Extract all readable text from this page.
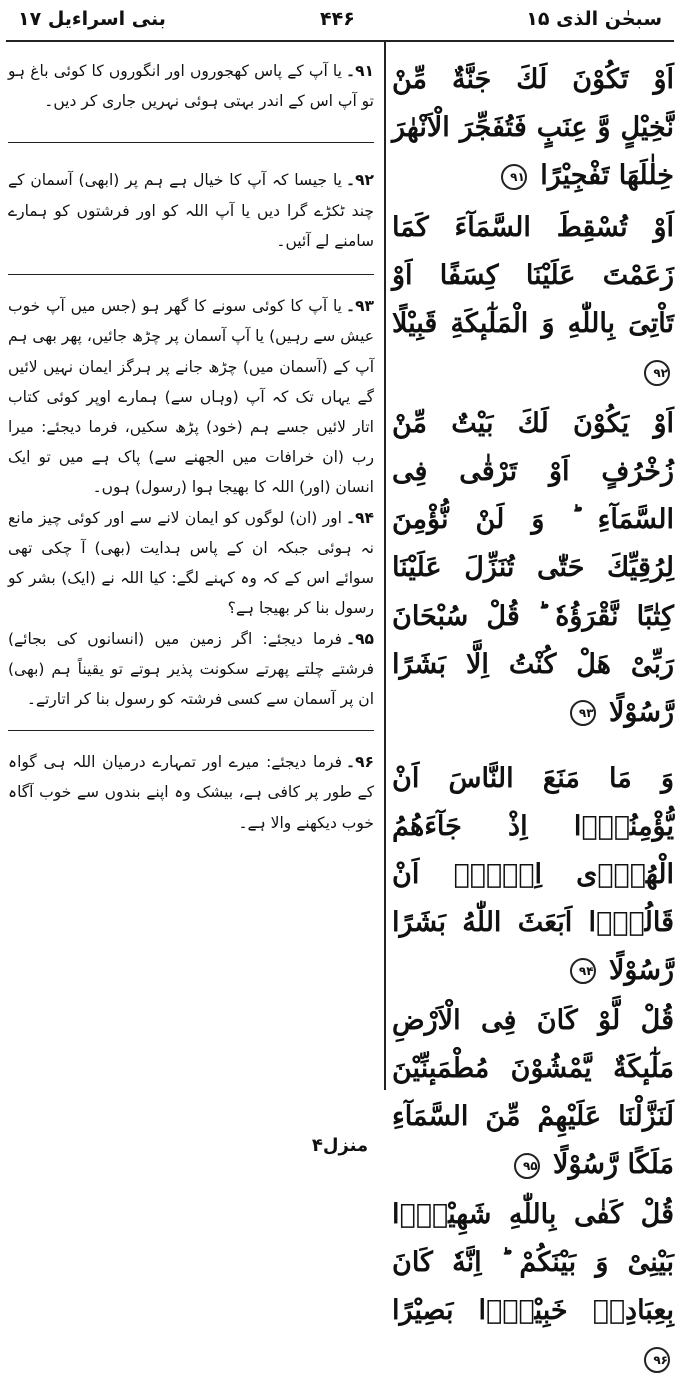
سبحٰن الذی ۱۵
۴۴۶
بنی اسراءیل ۱۷
اَوْ تَكُوْنَ لَكَ جَنَّةٌ مِّنْ نَّخِیْلٍ وَّ عِنَبٍ فَتُفَجِّرَ الْاَنْهٰرَ خِلٰلَهَا تَفْجِیْرًا ۹۱
اَوْ تُسْقِطَ السَّمَآءَ كَمَا زَعَمْتَ عَلَیْنَا كِسَفًا اَوْ تَاْتِیَ بِاللّٰهِ وَ الْمَلٰٓىٕكَةِ قَبِیْلًا ۹۲
اَوْ یَكُوْنَ لَكَ بَیْتٌ مِّنْ زُخْرُفٍ اَوْ تَرْقٰى فِی السَّمَآءِ ؕ وَ لَنْ نُّؤْمِنَ لِرُقِیِّكَ حَتّٰى تُنَزِّلَ عَلَیْنَا كِتٰبًا نَّقْرَؤُهٗ ؕ قُلْ سُبْحَانَ رَبِّیْ هَلْ كُنْتُ اِلَّا بَشَرًا رَّسُوْلًا ۹۳
وَ مَا مَنَعَ النَّاسَ اَنْ یُّؤْمِنُوْۤا اِذْ جَآءَهُمُ الْهُدٰۤى اِلَّاۤ اَنْ قَالُوْۤا اَبَعَثَ اللّٰهُ بَشَرًا رَّسُوْلًا ۹۴
قُلْ لَّوْ كَانَ فِی الْاَرْضِ مَلٰٓىٕكَةٌ یَّمْشُوْنَ مُطْمَىٕنِّیْنَ لَنَزَّلْنَا عَلَیْهِمْ مِّنَ السَّمَآءِ مَلَكًا رَّسُوْلًا ۹۵
قُلْ كَفٰى بِاللّٰهِ شَهِیْدًۢا بَیْنِیْ وَ بَیْنَكُمْ ؕ اِنَّهٗ كَانَ بِعِبَادِهٖ خَبِیْرًۢا بَصِیْرًا ۹۶

۹۱۔یا آپ کے پاس کھجوروں اور انگوروں کا کوئی باغ ہو تو آپ اس کے اندر بہتی ہوئی نہریں جاری کر دیں۔

۹۲۔یا جیسا کہ آپ کا خیال ہے ہم پر (ابھی) آسمان کے چند ٹکڑے گرا دیں یا آپ اللہ کو اور فرشتوں کو ہمارے سامنے لے آئیں۔

۹۳۔یا آپ کا کوئی سونے کا گھر ہو (جس میں آپ خوب عیش سے رہیں) یا آپ آسمان پر چڑھ جائیں، پھر بھی ہم آپ کے (آسمان میں) چڑھ جانے پر ہرگز ایمان نہیں لائیں گے یہاں تک کہ آپ (وہاں سے) ہمارے اوپر کوئی کتاب اتار لائیں جسے ہم (خود) پڑھ سکیں، فرما دیجئے: میرا رب (ان خرافات میں الجھنے سے) پاک ہے میں تو ایک انسان (اور) اللہ کا بھیجا ہوا (رسول) ہوں۔

۹۴۔اور (ان) لوگوں کو ایمان لانے سے اور کوئی چیز مانع نہ ہوئی جبکہ ان کے پاس ہدایت (بھی) آ چکی تھی سوائے اس کے کہ وہ کہنے لگے: کیا اللہ نے (ایک) بشر کو رسول بنا کر بھیجا ہے؟

۹۵۔فرما دیجئے: اگر زمین میں (انسانوں کی بجائے) فرشتے چلتے پھرتے سکونت پذیر ہوتے تو یقیناً ہم (بھی) ان پر آسمان سے کسی فرشتہ کو رسول بنا کر اتارتے۔

۹۶۔فرما دیجئے: میرے اور تمہارے درمیان اللہ ہی گواہ کے طور پر کافی ہے، بیشک وہ اپنے بندوں سے خوب آگاہ خوب دیکھنے والا ہے۔

منزل۴
